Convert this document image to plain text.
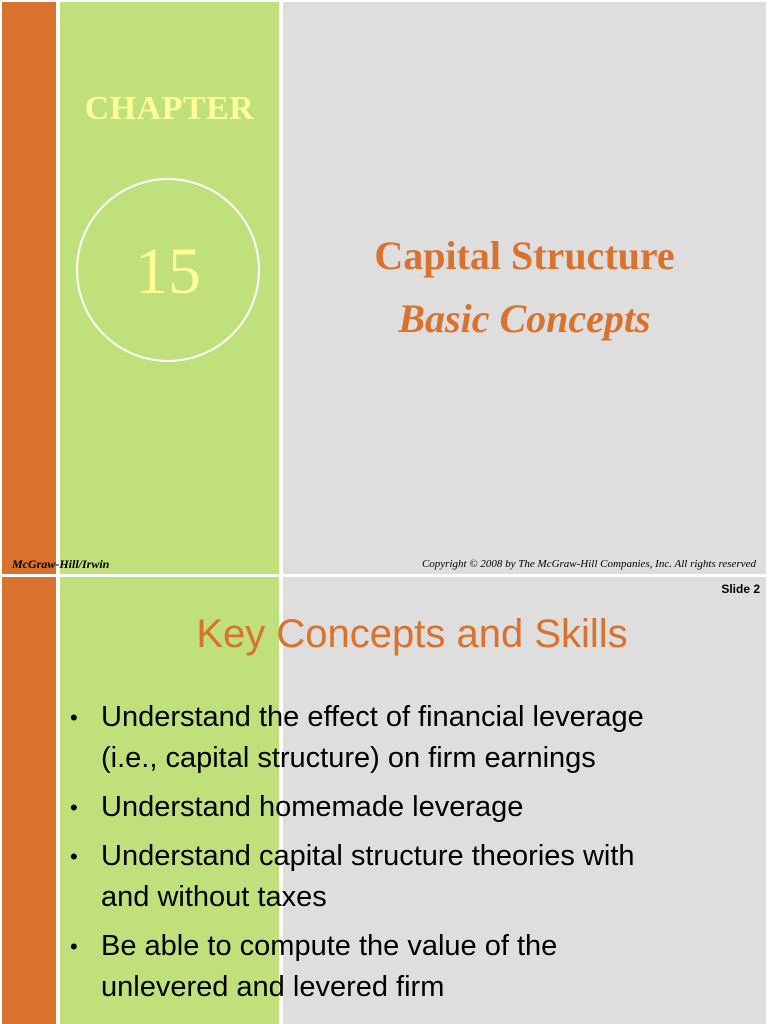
CHAPTER
15	Capital Structure
Basic Concepts
McGraw-Hill/Irwin	Copyright © 2008 by The McGraw-Hill Companies, Inc. All rights reserved
Slide 2
Key Concepts and Skills
• Understand the effect of financial leverage
(i.e., capital structure) on firm earnings
• Understand homemade leverage
• Understand capital structure theories with
and without taxes
• Be able to compute the value of the
unlevered and levered firm
